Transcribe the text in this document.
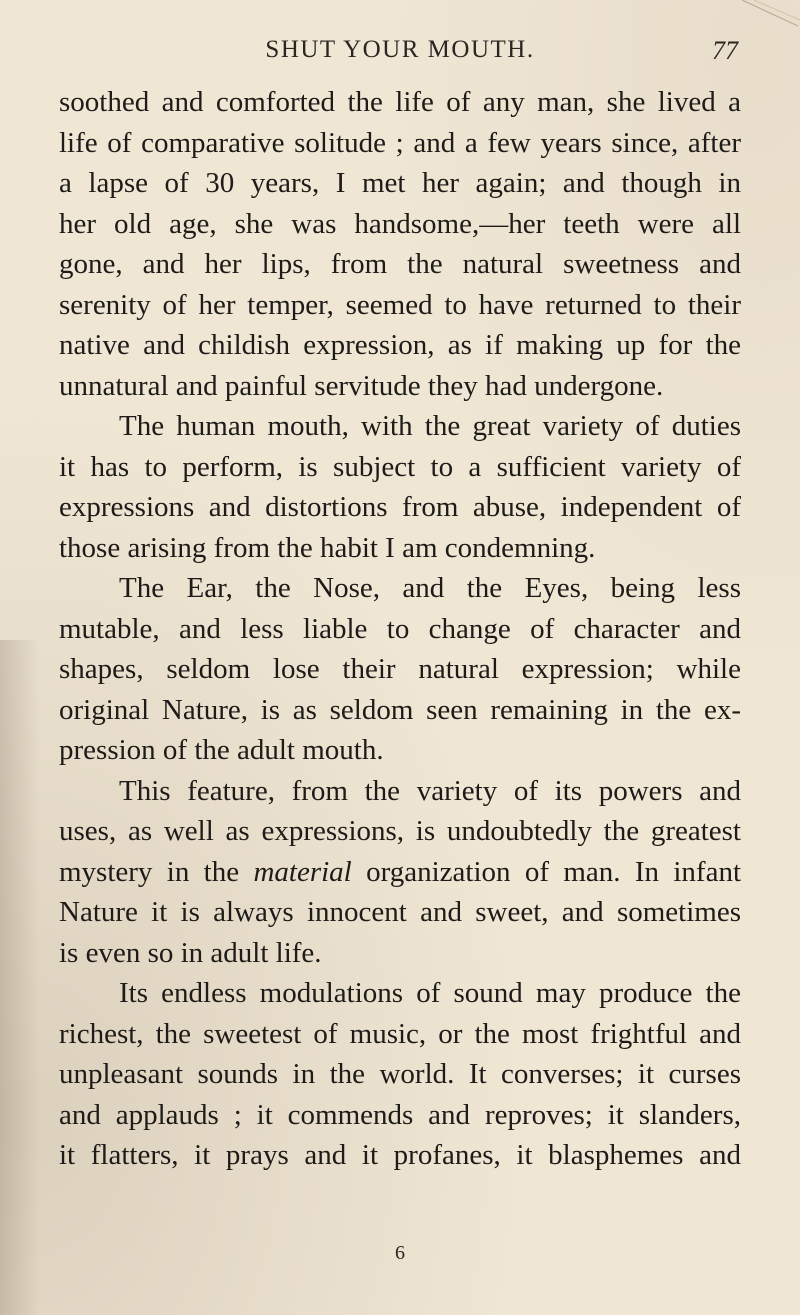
SHUT YOUR MOUTH.	77
soothed and comforted the life of any man, she lived a
life of comparative solitude ; and a few years since, after
a lapse of 30 years, I met her again; and though in
her old age, she was handsome,—her teeth were all
gone, and her lips, from the natural sweetness and
serenity of her temper, seemed to have returned to their
native and childish expression, as if making up for the
unnatural and painful servitude they had undergone.
The human mouth, with the great variety of duties
it has to perform, is subject to a sufficient variety of
expressions and distortions from abuse, independent of
those arising from the habit I am condemning.
The Ear, the Nose, and the Eyes, being less
mutable, and less liable to change of character and
shapes, seldom lose their natural expression; while
original Nature, is as seldom seen remaining in the ex-
pression of the adult mouth.
This feature, from the variety of its powers and
uses, as well as expressions, is undoubtedly the greatest
mystery in the material organization of man. In infant
Nature it is always innocent and sweet, and sometimes
is even so in adult life.
Its endless modulations of sound may produce the
richest, the sweetest of music, or the most frightful and
unpleasant sounds in the world. It converses; it curses
and applauds ; it commends and reproves; it slanders,
it flatters, it prays and it profanes, it blasphemes and
6
